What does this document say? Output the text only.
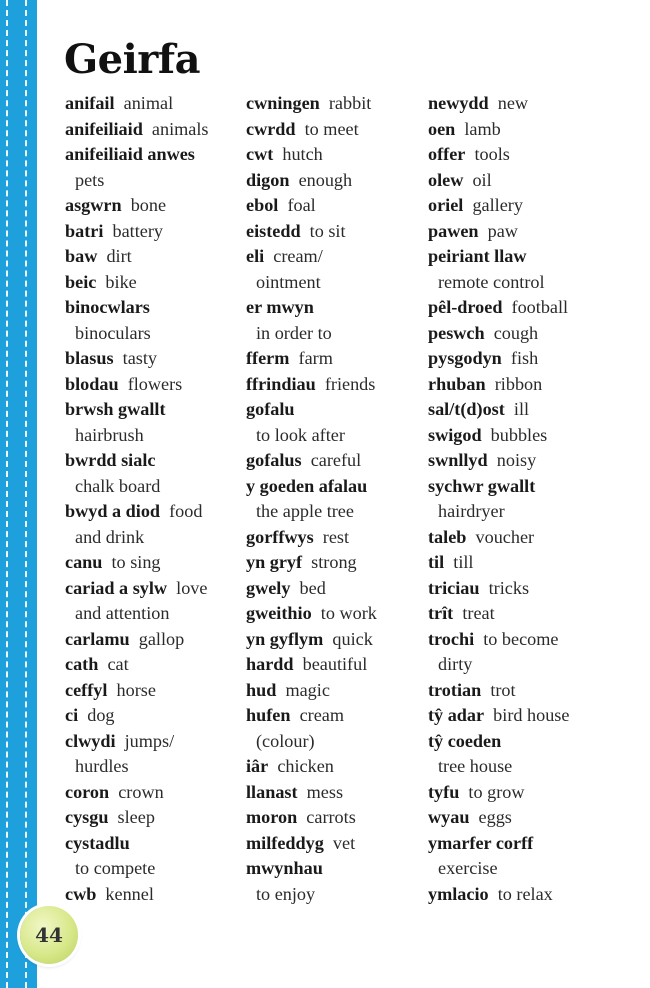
Geirfa
anifail animal
anifeiliaid animals
anifeiliaid anwes
pets
asgwrn bone
batri battery
baw dirt
beic bike
binocwlars
binoculars
blasus tasty
blodau flowers
brwsh gwallt
hairbrush
bwrdd sialc
chalk board
bwyd a diod food
and drink
canu to sing
cariad a sylw love
and attention
carlamu gallop
cath cat
ceffyl horse
ci dog
clwydi jumps/
hurdles
coron crown
cysgu sleep
cystadlu
to compete
cwb kennel
cwningen rabbit
cwrdd to meet
cwt hutch
digon enough
ebol foal
eistedd to sit
eli cream/
ointment
er mwyn
in order to
fferm farm
ffrindiau friends
gofalu
to look after
gofalus careful
y goeden afalau
the apple tree
gorffwys rest
yn gryf strong
gwely bed
gweithio to work
yn gyflym quick
hardd beautiful
hud magic
hufen cream
(colour)
iâr chicken
llanast mess
moron carrots
milfeddyg vet
mwynhau
to enjoy
newydd new
oen lamb
offer tools
olew oil
oriel gallery
pawen paw
peiriant llaw
remote control
pêl-droed football
peswch cough
pysgodyn fish
rhuban ribbon
sal/t(d)ost ill
swigod bubbles
swnllyd noisy
sychwr gwallt
hairdryer
taleb voucher
til till
triciau tricks
trît treat
trochi to become
dirty
trotian trot
tŷ adar bird house
tŷ coeden
tree house
tyfu to grow
wyau eggs
ymarfer corff
exercise
ymlacio to relax
44
